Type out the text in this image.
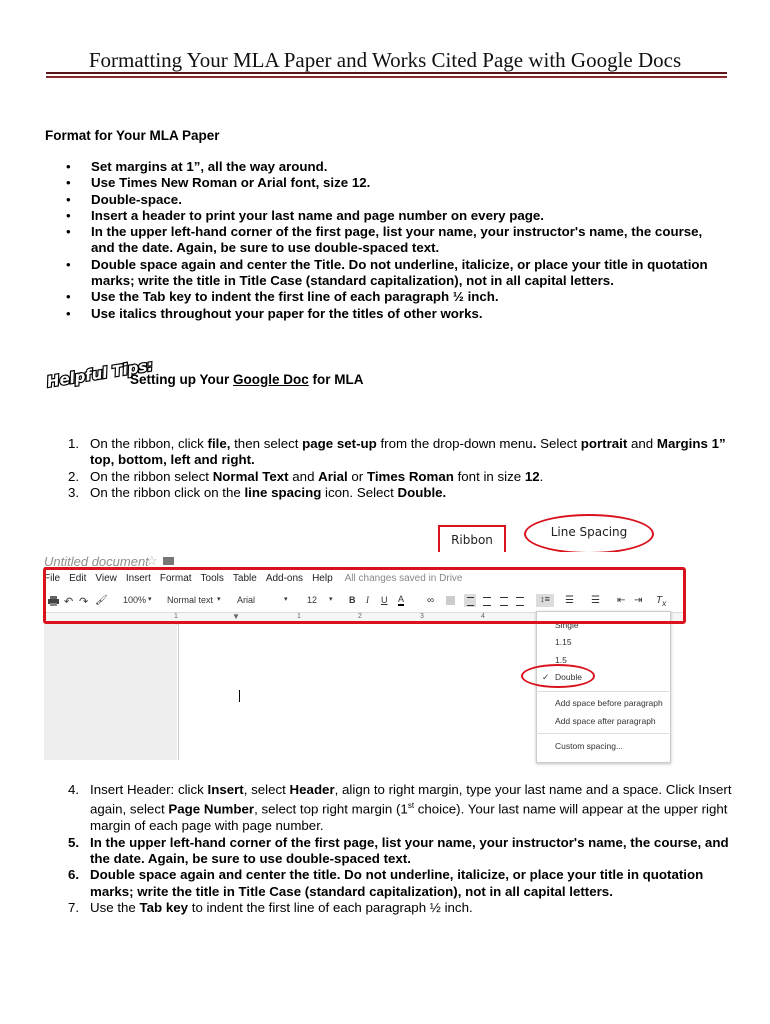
Formatting Your MLA Paper and Works Cited Page with Google Docs
Format for Your MLA Paper
• Set margins at 1”, all the way around.
• Use Times New Roman or Arial font, size 12.
• Double-space.
• Insert a header to print your last name and page number on every page.
• In the upper left-hand corner of the first page, list your name, your instructor's name, the course, and the date. Again, be sure to use double-spaced text.
• Double space again and center the Title. Do not underline, italicize, or place your title in quotation marks; write the title in Title Case (standard capitalization), not in all capital letters.
• Use the Tab key to indent the first line of each paragraph ½ inch.
• Use italics throughout your paper for the titles of other works.
Helpful Tips:
Setting up Your Google Doc for MLA
1. On the ribbon, click file, then select page set-up from the drop-down menu. Select portrait and Margins 1” top, bottom, left and right.
2. On the ribbon select Normal Text and Arial or Times Roman font in size 12.
3. On the ribbon click on the line spacing icon. Select Double.
Ribbon
Line Spacing
Untitled document
☆
File Edit View Insert Format Tools Table Add-ons Help All changes saved in Drive
↶ ↷ 🖌 100% ▾ Normal text ▾ Arial	▾ 12 ▾ B I U A ∞	↕≡	☰ ☰ ⇤ ⇥ $T_x$
1	▼	1	2	3	4
Single
1.15
1.5
✓ Double
Add space before paragraph
Add space after paragraph
Custom spacing...
4. Insert Header: click Insert, select Header, align to right margin, type your last name and a space. Click Insert again, select Page Number, select top right margin (1st choice). Your last name will appear at the upper right margin of each page with page number.
5. In the upper left-hand corner of the first page, list your name, your instructor's name, the course, and the date. Again, be sure to use double-spaced text.
6. Double space again and center the title. Do not underline, italicize, or place your title in quotation marks; write the title in Title Case (standard capitalization), not in all capital letters.
7. Use the Tab key to indent the first line of each paragraph ½ inch.
